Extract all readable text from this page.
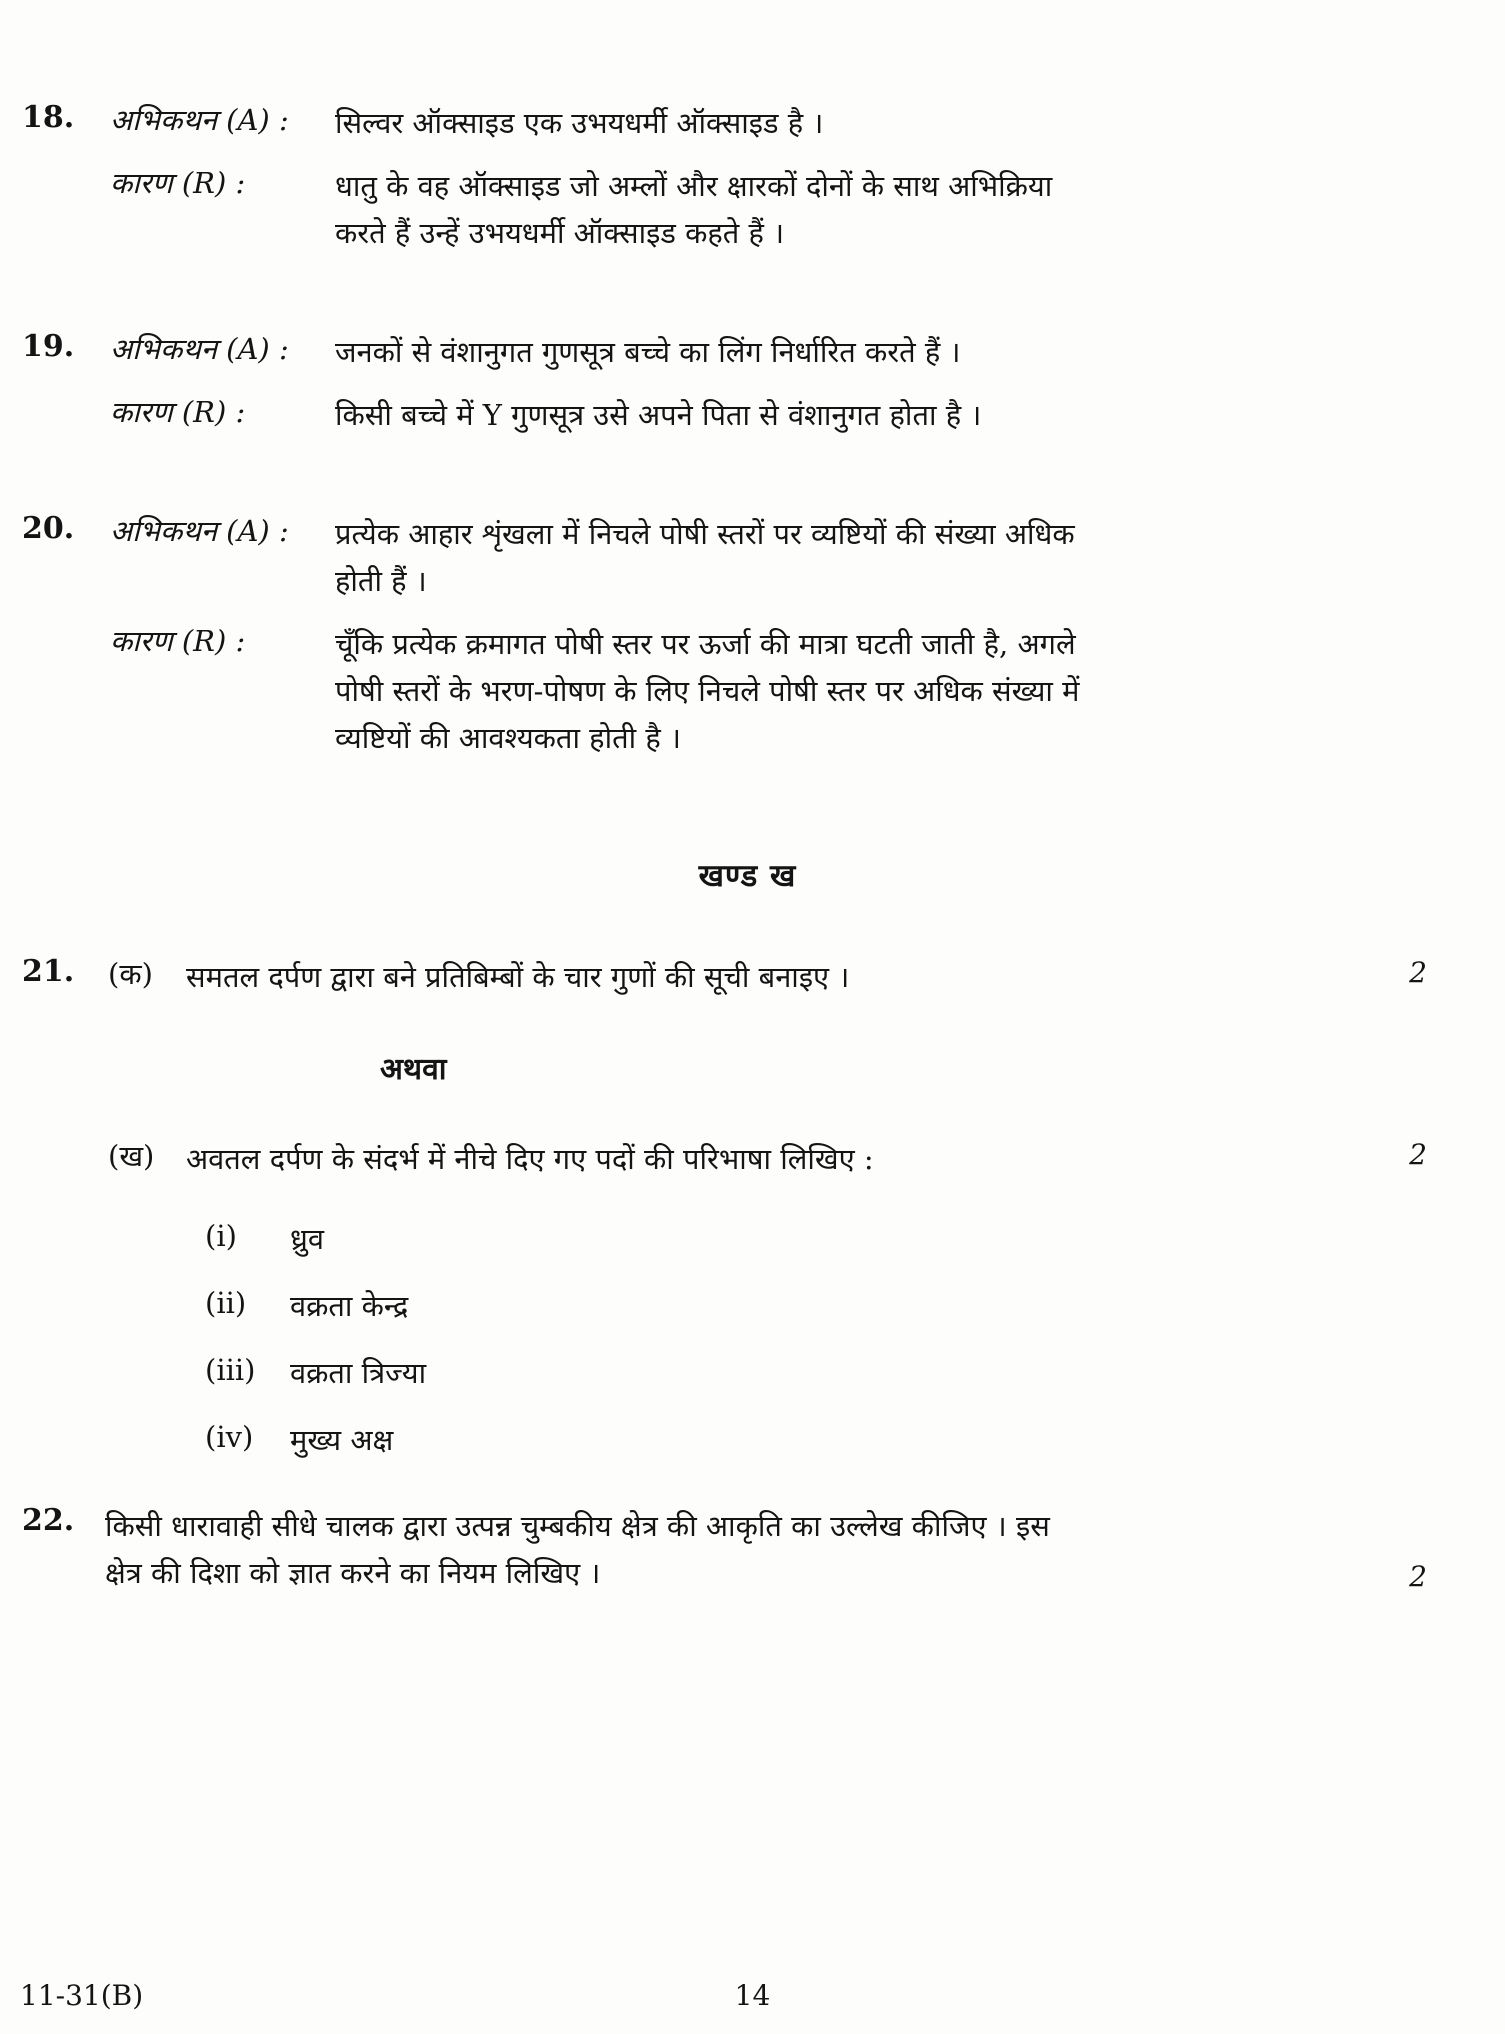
18.	अभिकथन (A) :	सिल्वर ऑक्साइड एक उभयधर्मी ऑक्साइड है ।
कारण (R) :	धातु के वह ऑक्साइड जो अम्लों और क्षारकों दोनों के साथ अभिक्रिया करते हैं उन्हें उभयधर्मी ऑक्साइड कहते हैं ।
19.	अभिकथन (A) :	जनकों से वंशानुगत गुणसूत्र बच्चे का लिंग निर्धारित करते हैं ।
कारण (R) :	किसी बच्चे में Y गुणसूत्र उसे अपने पिता से वंशानुगत होता है ।
20.	अभिकथन (A) :	प्रत्येक आहार शृंखला में निचले पोषी स्तरों पर व्यष्टियों की संख्या अधिक होती हैं ।
कारण (R) :	चूँकि प्रत्येक क्रमागत पोषी स्तर पर ऊर्जा की मात्रा घटती जाती है, अगले पोषी स्तरों के भरण-पोषण के लिए निचले पोषी स्तर पर अधिक संख्या में व्यष्टियों की आवश्यकता होती है ।
खण्ड ख
21.	(क)	समतल दर्पण द्वारा बने प्रतिबिम्बों के चार गुणों की सूची बनाइए ।	2
अथवा
(ख)	अवतल दर्पण के संदर्भ में नीचे दिए गए पदों की परिभाषा लिखिए :	2
(i)	ध्रुव
(ii)	वक्रता केन्द्र
(iii)	वक्रता त्रिज्या
(iv)	मुख्य अक्ष
22.	किसी धारावाही सीधे चालक द्वारा उत्पन्न चुम्बकीय क्षेत्र की आकृति का उल्लेख कीजिए । इस क्षेत्र की दिशा को ज्ञात करने का नियम लिखिए ।	2
11-31(B)	14
